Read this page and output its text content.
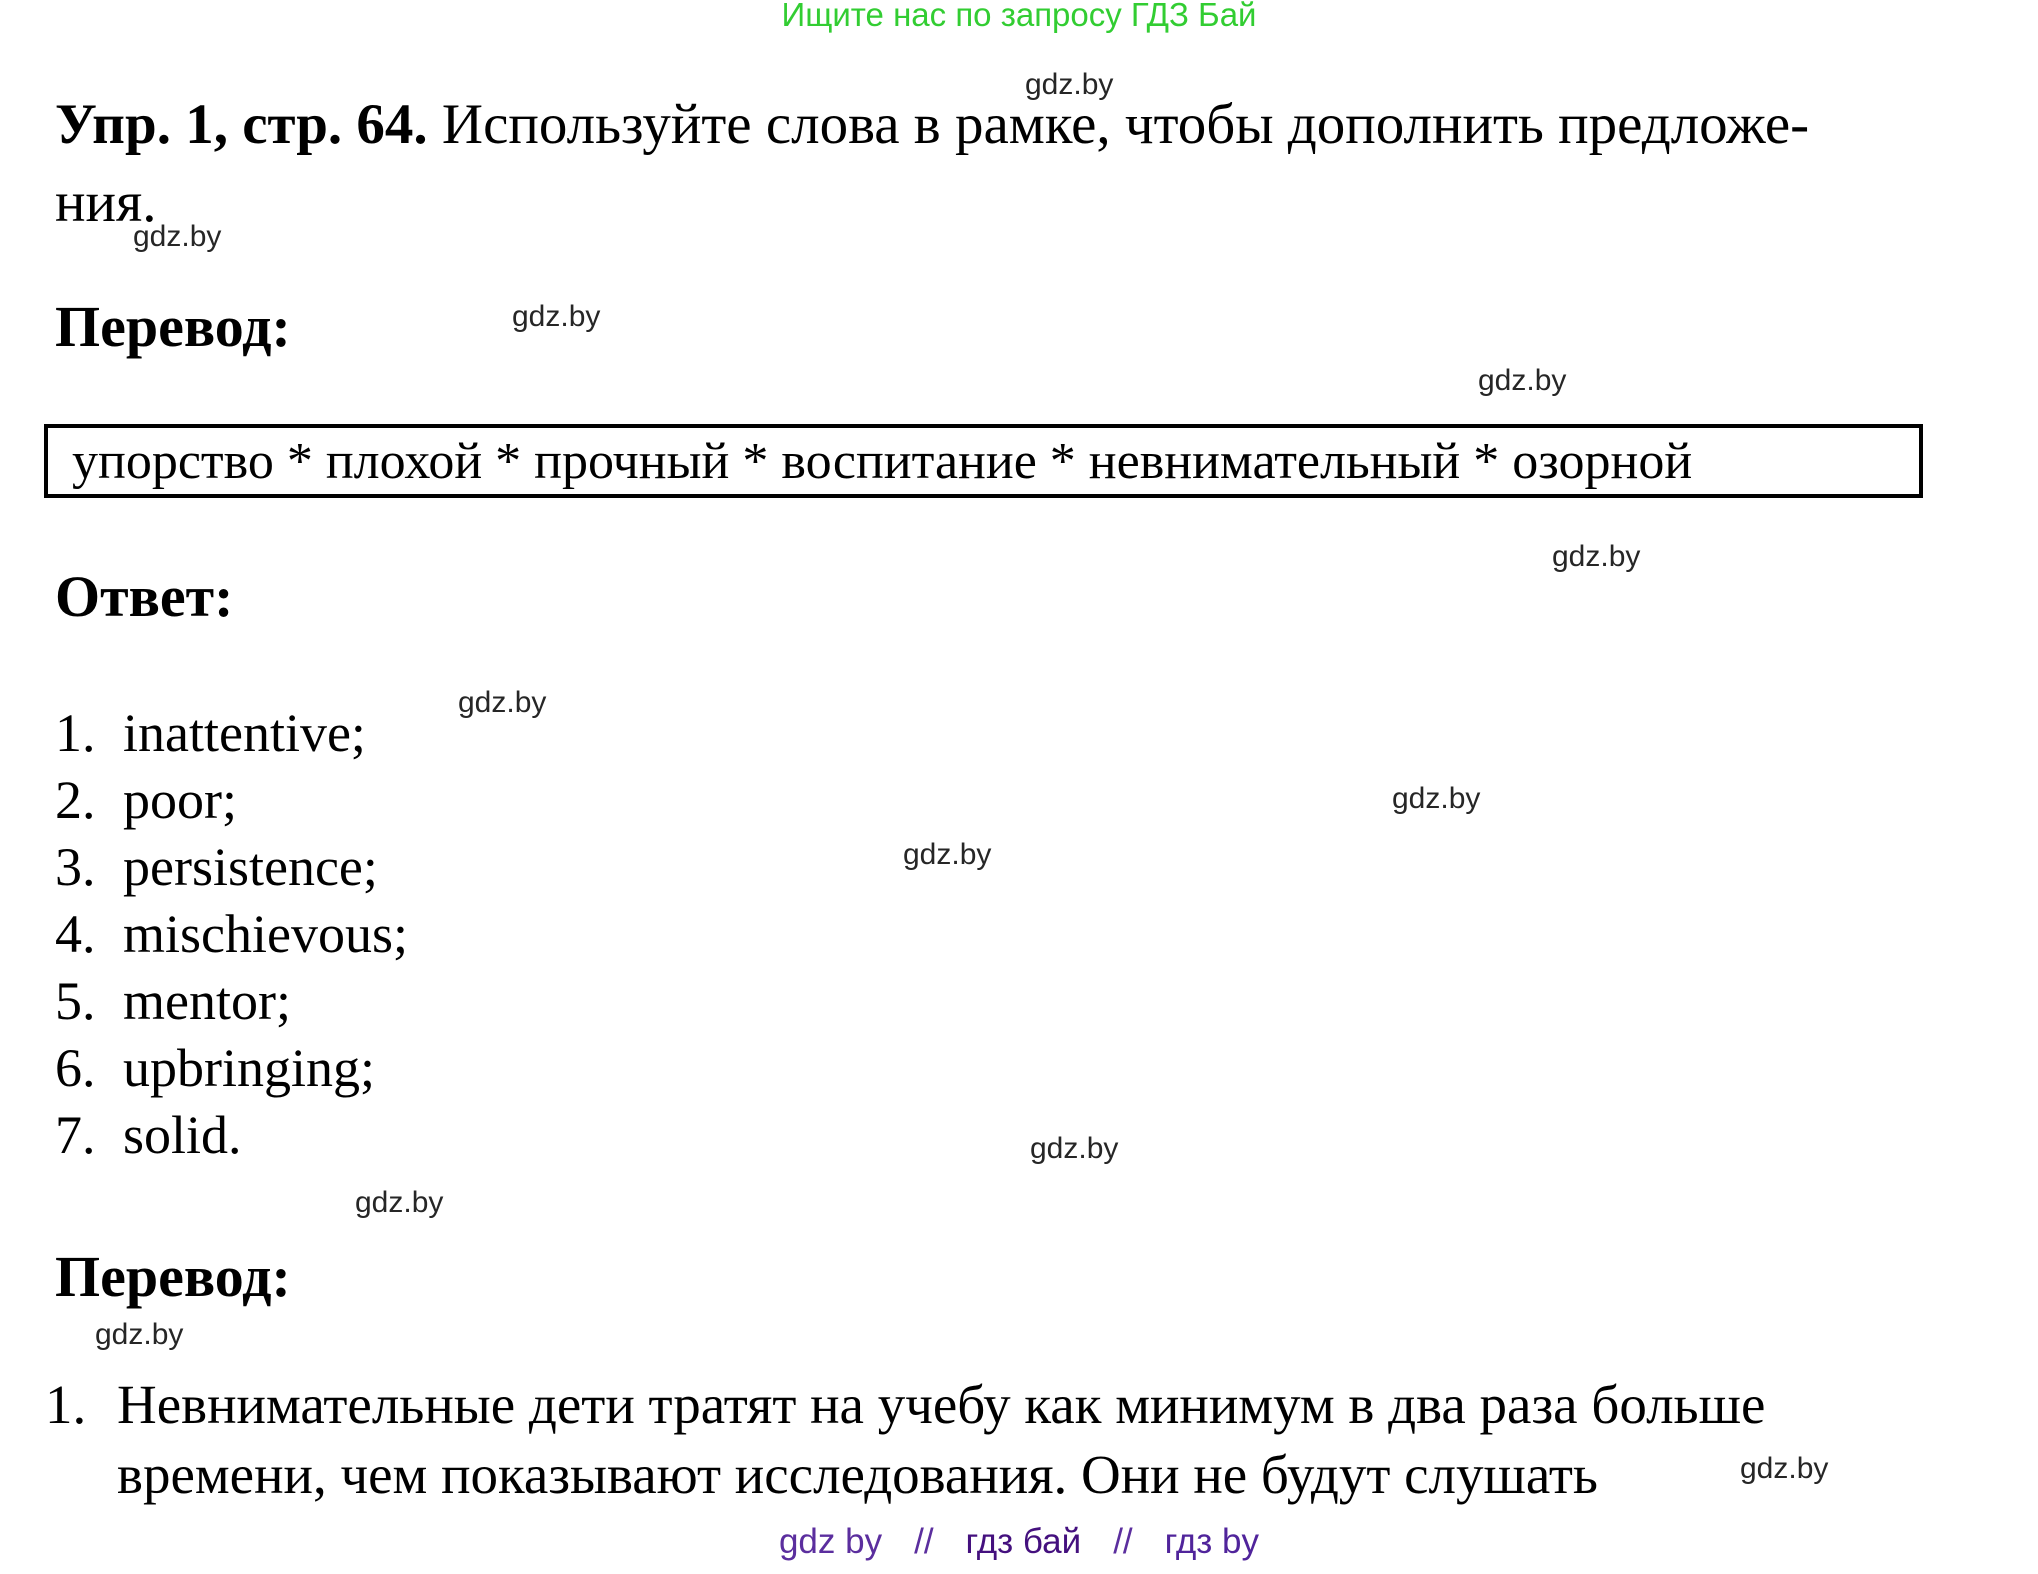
Ищите нас по запросу ГДЗ Бай
gdz.by
gdz.by
gdz.by
gdz.by
gdz.by
gdz.by
gdz.by
gdz.by
gdz.by
gdz.by
gdz.by
gdz.by
Упр. 1, стр. 64. Используйте слова в рамке, чтобы дополнить предложе-
ния.
Перевод:
упорство * плохой * прочный * воспитание * невнимательный * озорной
Ответ:
1. inattentive;
2. poor;
3. persistence;
4. mischievous;
5. mentor;
6. upbringing;
7. solid.
Перевод:
1. Невнимательные дети тратят на учебу как минимум в два раза больше
времени, чем показывают исследования. Они не будут слушать
gdz by // гдз бай // гдз by
